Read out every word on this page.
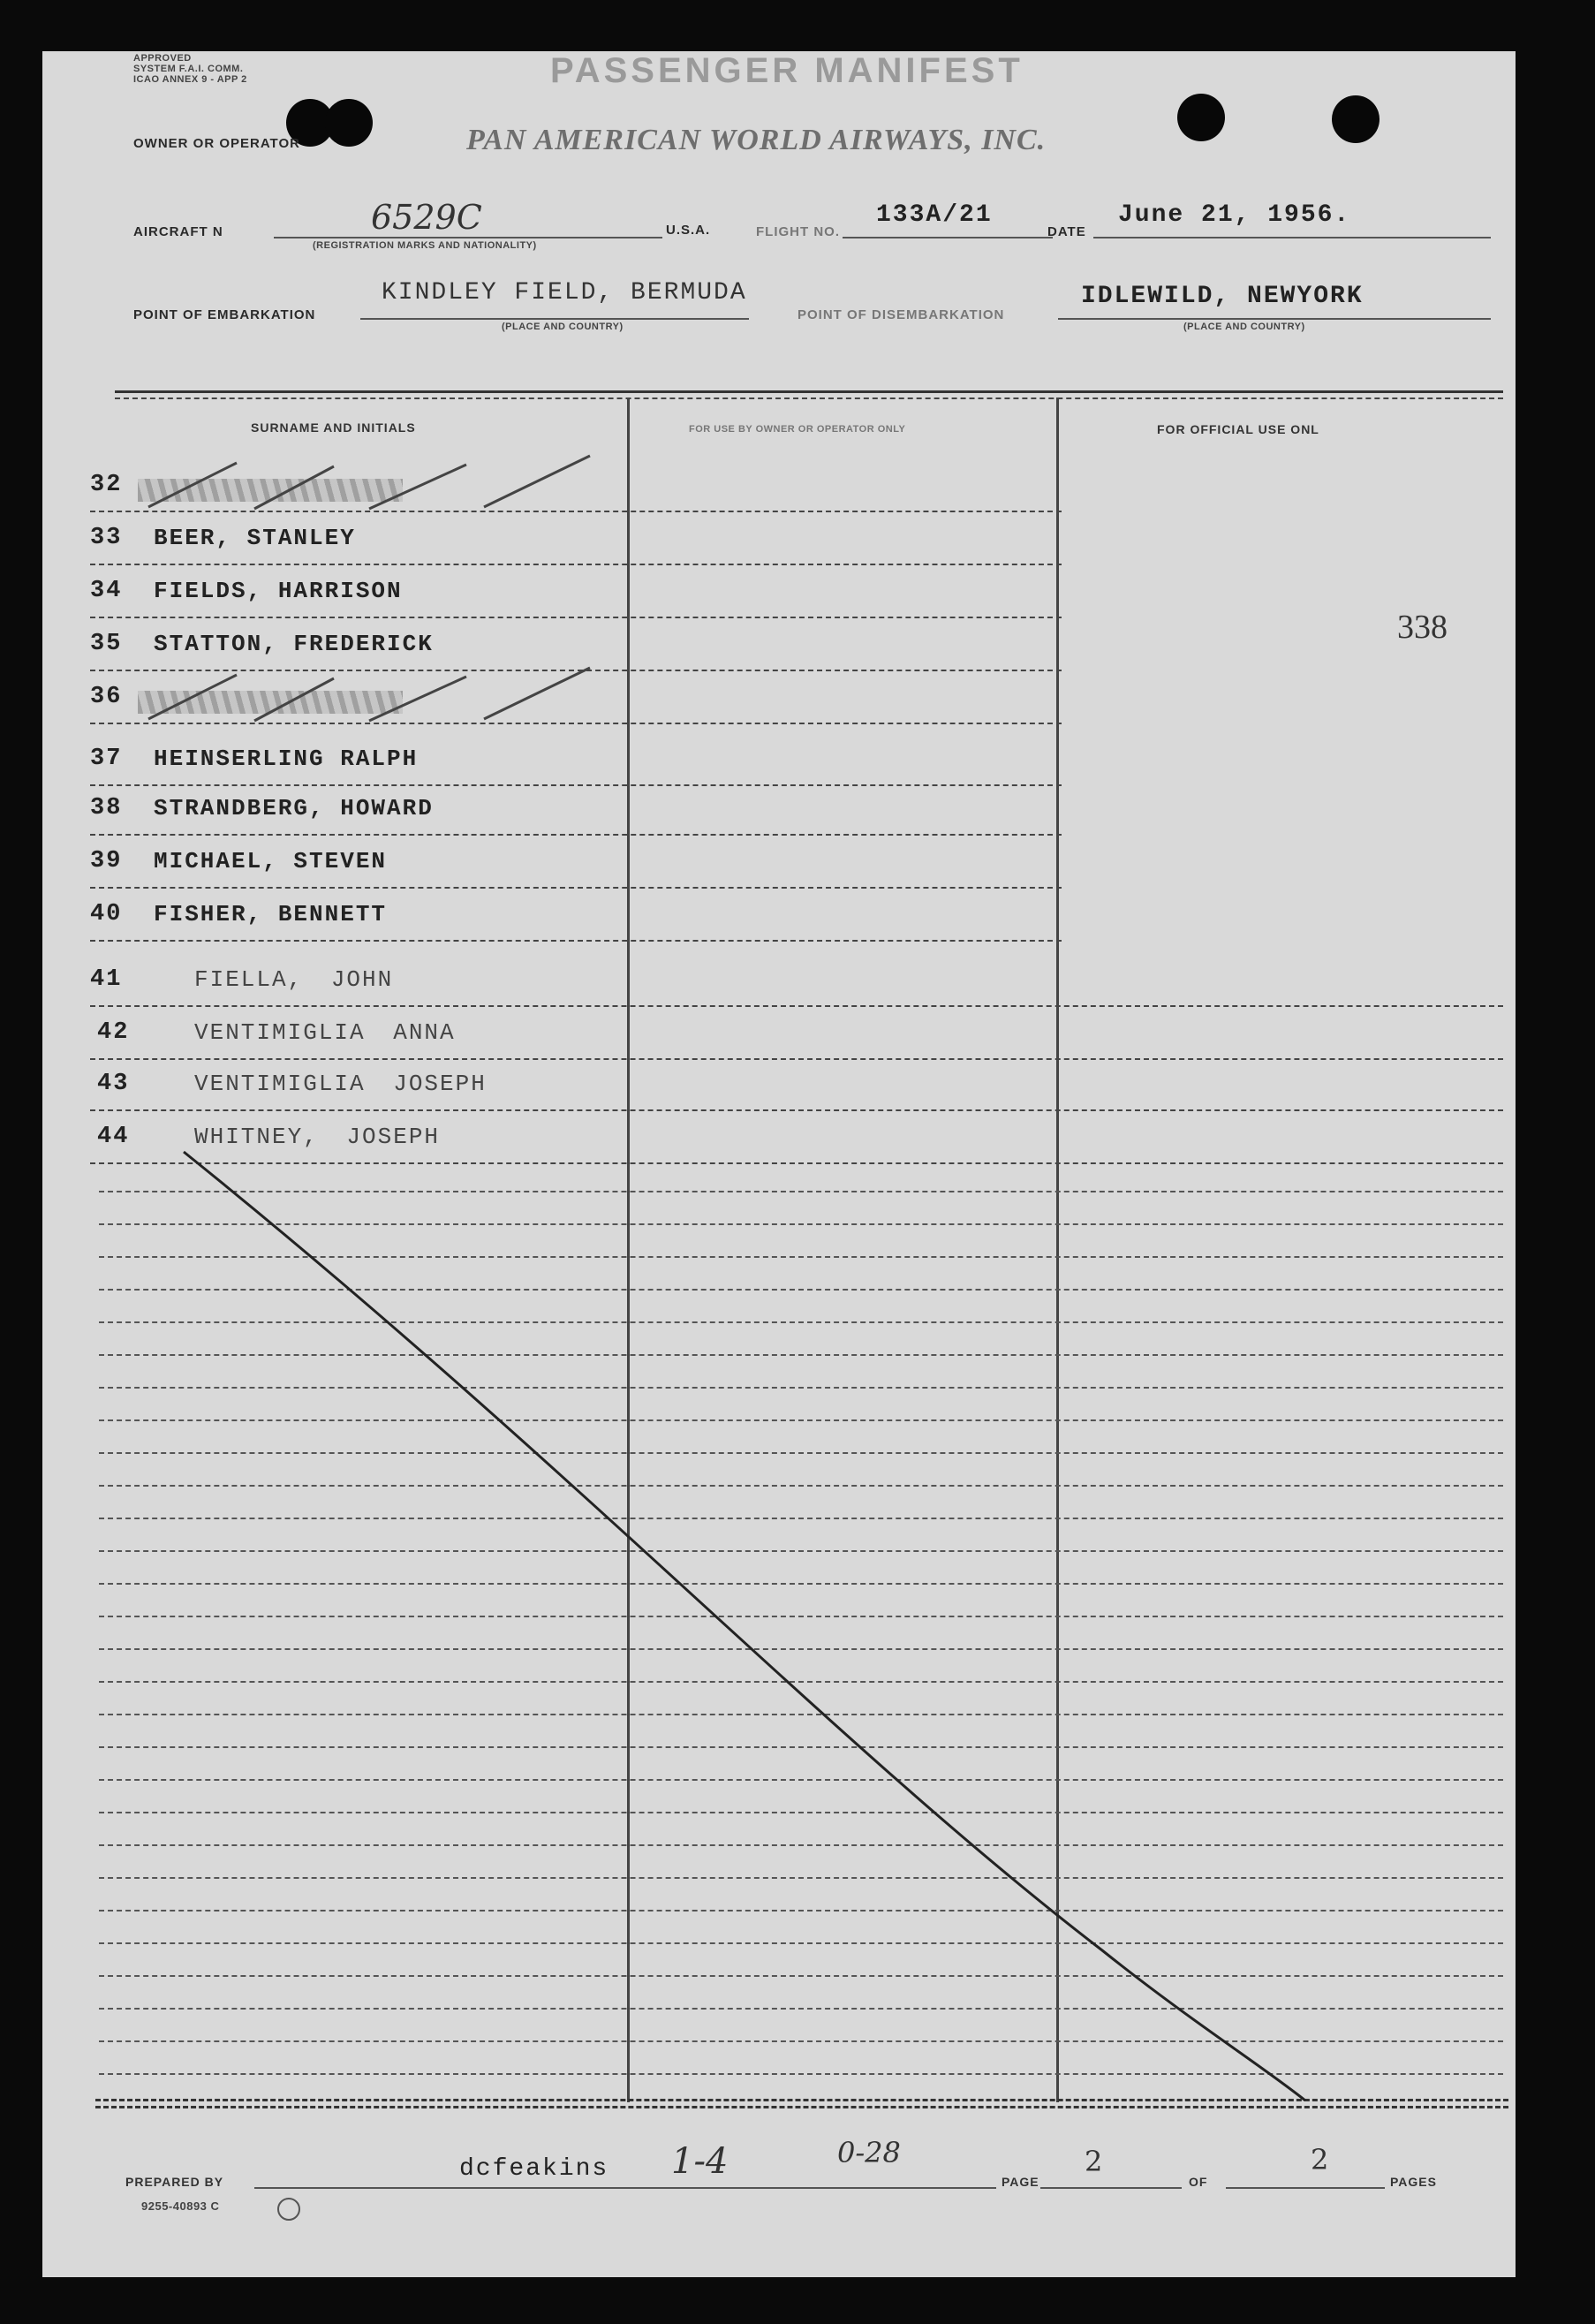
APPROVED
SYSTEM F.A.I. COMM.
ICAO ANNEX 9 - APP 2	PASSENGER MANIFEST
OWNER OR OPERATOR	PAN AMERICAN WORLD AIRWAYS, INC.
AIRCRAFT N	6529C
(REGISTRATION MARKS AND NATIONALITY)
U.S.A.	FLIGHT NO.
133A/21
DATE
June 21, 1956.
POINT OF EMBARKATION
KINDLEY FIELD, BERMUDA
(PLACE AND COUNTRY)
POINT OF DISEMBARKATION
IDLEWILD, NEWYORK
(PLACE AND COUNTRY)
SURNAME AND INITIALS	FOR USE BY OWNER OR OPERATOR ONLY	FOR OFFICIAL USE ONL
32
33 BEER, STANLEY
34 FIELDS, HARRISON
35 STATTON, FREDERICK
36
37 HEINSERLING RALPH
38 STRANDBERG, HOWARD
39 MICHAEL, STEVEN
40 FISHER, BENNETT
41	FIELLA, JOHN
42	VENTIMIGLIA ANNA
43	VENTIMIGLIA JOSEPH
44	WHITNEY, JOSEPH
338
PREPARED BY	dcfeakins 1-4	0-28
PAGE
2
OF
2
PAGES
9255-40893 C
